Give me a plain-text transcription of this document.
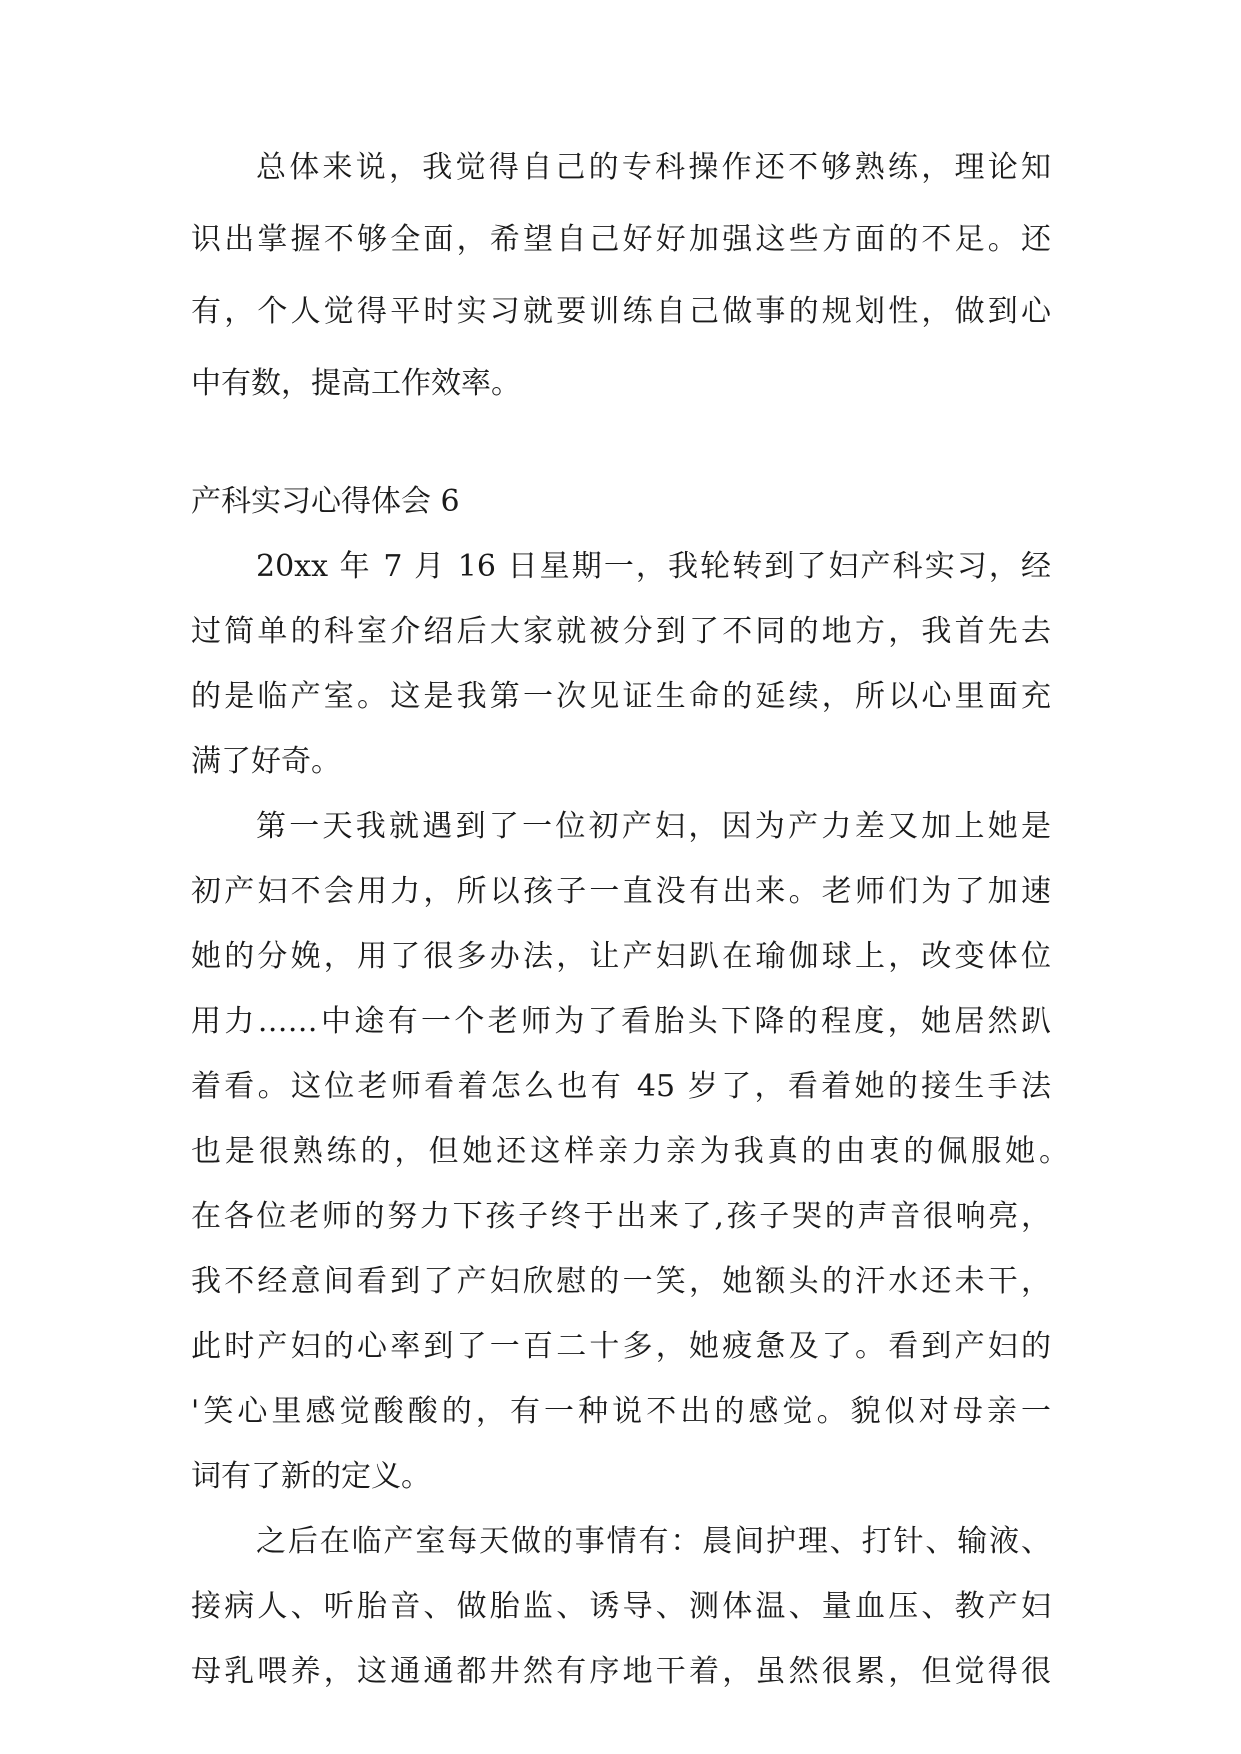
总体来说，我觉得自己的专科操作还不够熟练，理论知
识出掌握不够全面，希望自己好好加强这些方面的不足。还
有，个人觉得平时实习就要训练自己做事的规划性，做到心
中有数，提高工作效率。
产科实习心得体会 6
20xx 年 7 月 16 日星期一，我轮转到了妇产科实习，经
过简单的科室介绍后大家就被分到了不同的地方，我首先去
的是临产室。这是我第一次见证生命的延续，所以心里面充
满了好奇。
第一天我就遇到了一位初产妇，因为产力差又加上她是
初产妇不会用力，所以孩子一直没有出来。老师们为了加速
她的分娩，用了很多办法，让产妇趴在瑜伽球上，改变体位
用力……中途有一个老师为了看胎头下降的程度，她居然趴
着看。这位老师看着怎么也有 45 岁了，看着她的接生手法
也是很熟练的，但她还这样亲力亲为我真的由衷的佩服她。
在各位老师的努力下孩子终于出来了,孩子哭的声音很响亮，
我不经意间看到了产妇欣慰的一笑，她额头的汗水还未干，
此时产妇的心率到了一百二十多，她疲惫及了。看到产妇的
'笑心里感觉酸酸的，有一种说不出的感觉。貌似对母亲一
词有了新的定义。
之后在临产室每天做的事情有：晨间护理、打针、输液、
接病人、听胎音、做胎监、诱导、测体温、量血压、教产妇
母乳喂养，这通通都井然有序地干着，虽然很累，但觉得很
